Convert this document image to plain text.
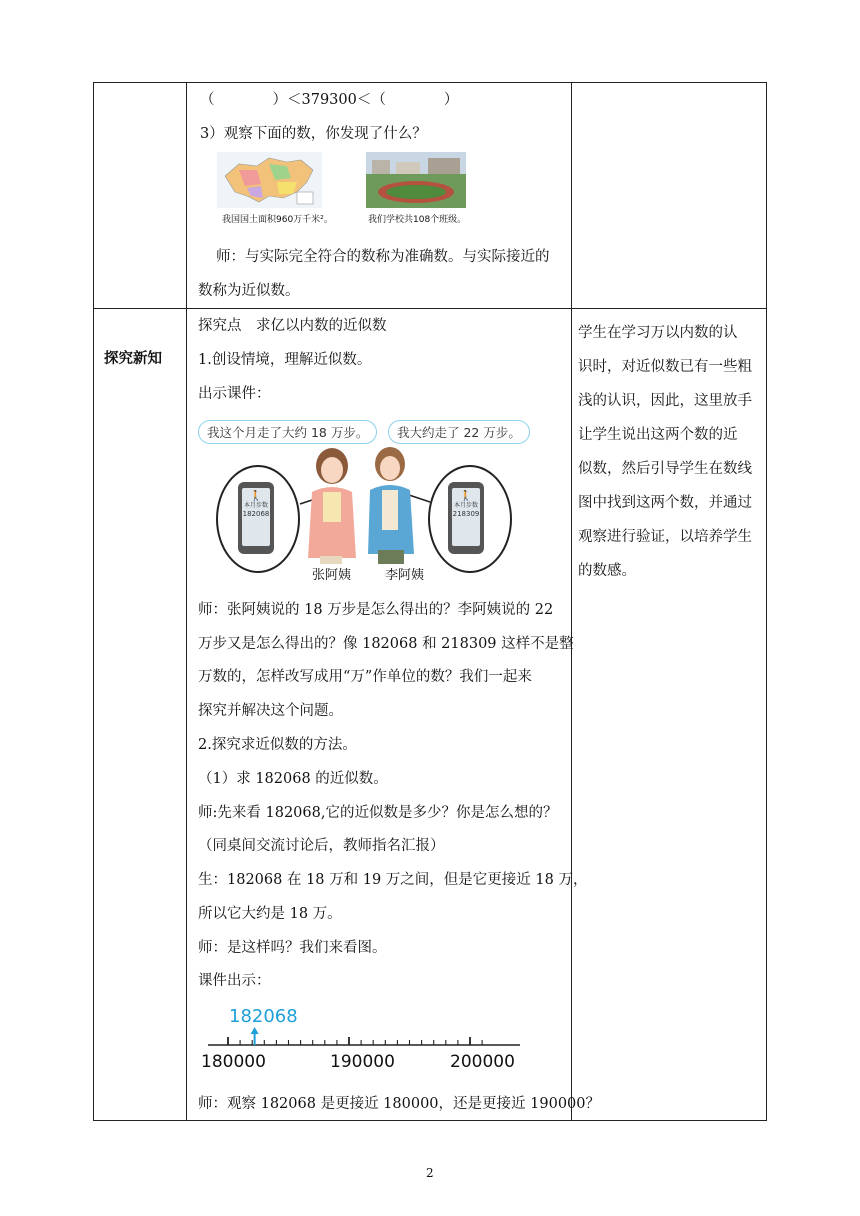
（　　　　）＜379300＜（　　　　）
3）观察下面的数，你发现了什么？
我国国土面积960万千米²。	我们学校共108个班级。
师：与实际完全符合的数称为准确数。与实际接近的
数称为近似数。
探究新知
探究点　求亿以内数的近似数
1.创设情境，理解近似数。
出示课件：
我这个月走了大约 18 万步。	我大约走了 22 万步。
🚶
本月步数
182068
🚶
本月步数
218309
张阿姨	李阿姨
师：张阿姨说的 18 万步是怎么得出的？李阿姨说的 22
万步又是怎么得出的？像 182068 和 218309 这样不是整
万数的，怎样改写成用“万”作单位的数？我们一起来
探究并解决这个问题。
2.探究求近似数的方法。
（1）求 182068 的近似数。
师:先来看 182068,它的近似数是多少？你是怎么想的？
（同桌间交流讨论后，教师指名汇报）
生：182068 在 18 万和 19 万之间，但是它更接近 18 万，
所以它大约是 18 万。
师：是这样吗？我们来看图。
课件出示：
182068
180000	190000	200000
师：观察 182068 是更接近 180000，还是更接近 190000？
学生在学习万以内数的认
识时，对近似数已有一些粗
浅的认识，因此，这里放手
让学生说出这两个数的近
似数，然后引导学生在数线
图中找到这两个数，并通过
观察进行验证，以培养学生
的数感。
2
